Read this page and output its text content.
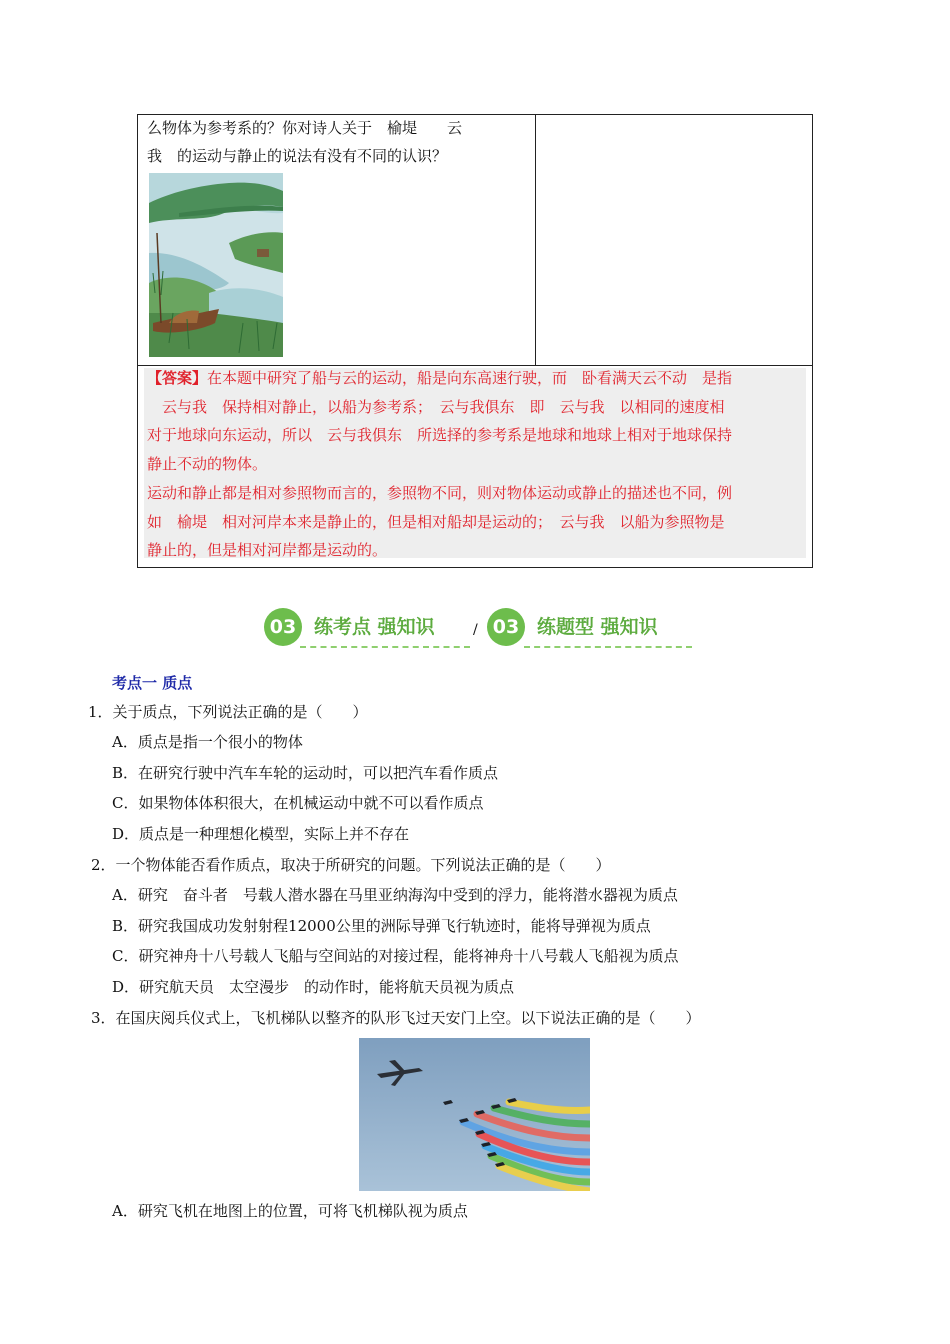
么物体为参考系的？你对诗人关于　榆堤　　云
我　的运动与静止的说法有没有不同的认识？
【答案】在本题中研究了船与云的运动，船是向东高速行驶，而　卧看满天云不动　是指
　云与我　保持相对静止，以船为参考系；　云与我俱东　即　云与我　以相同的速度相
对于地球向东运动，所以　云与我俱东　所选择的参考系是地球和地球上相对于地球保持
静止不动的物体。
运动和静止都是相对参照物而言的，参照物不同，则对物体运动或静止的描述也不同，例
如　榆堤　相对河岸本来是静止的，但是相对船却是运动的；　云与我　以船为参照物是
静止的，但是相对河岸都是运动的。
03 练考点 强知识	/ 03 练题型 强知识
考点一 质点
1．关于质点，下列说法正确的是（　　）
A．质点是指一个很小的物体
B．在研究行驶中汽车车轮的运动时，可以把汽车看作质点
C．如果物体体积很大，在机械运动中就不可以看作质点
D．质点是一种理想化模型，实际上并不存在
2．一个物体能否看作质点，取决于所研究的问题。下列说法正确的是（　　）
A．研究　奋斗者　号载人潜水器在马里亚纳海沟中受到的浮力，能将潜水器视为质点
B．研究我国成功发射射程12000公里的洲际导弹飞行轨迹时，能将导弹视为质点
C．研究神舟十八号载人飞船与空间站的对接过程，能将神舟十八号载人飞船视为质点
D．研究航天员　太空漫步　的动作时，能将航天员视为质点
3．在国庆阅兵仪式上，飞机梯队以整齐的队形飞过天安门上空。以下说法正确的是（　　）
A．研究飞机在地图上的位置，可将飞机梯队视为质点
